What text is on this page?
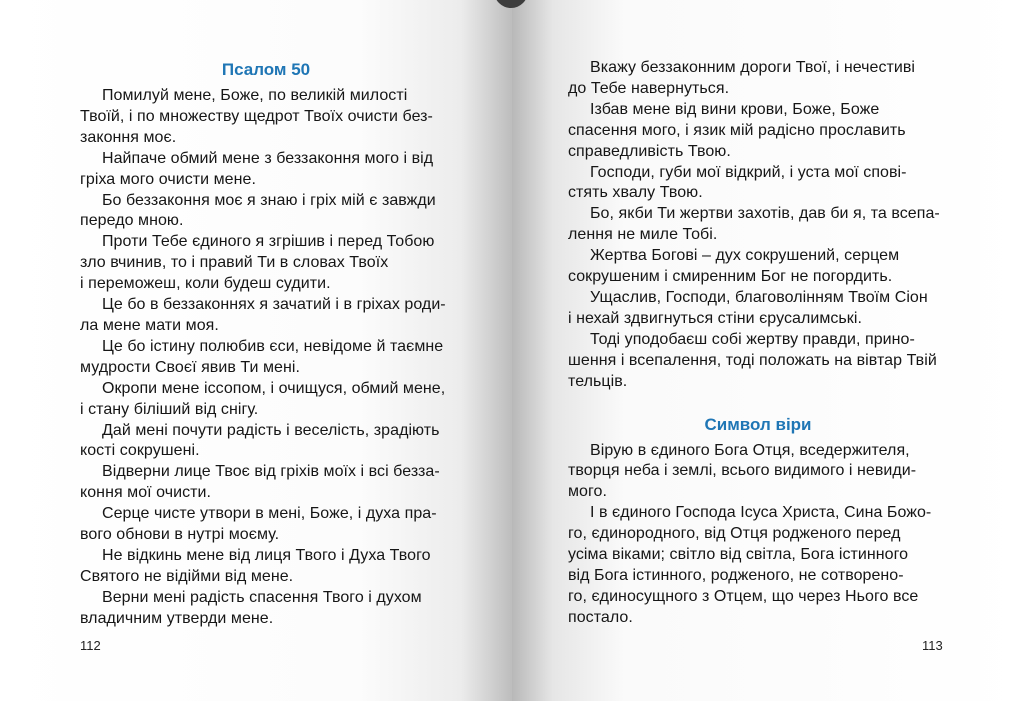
Псалом 50

Помилуй мене, Боже, по великій милості
Твоїй, і по множеству щедрот Твоїх очисти без-
законня моє.

Найпаче обмий мене з беззаконня мого і від
гріха мого очисти мене.

Бо беззаконня моє я знаю і гріх мій є завжди
передо мною.

Проти Тебе єдиного я згрішив і перед Тобою
зло вчинив, то і правий Ти в словах Твоїх
і переможеш, коли будеш судити.

Це бо в беззаконнях я зачатий і в гріхах роди-
ла мене мати моя.

Це бо істину полюбив єси, невідоме й таємне
мудрости Своєї явив Ти мені.

Окропи мене іссопом, і очищуся, обмий мене,
і стану біліший від снігу.

Дай мені почути радість і веселість, зрадіють
кості сокрушені.

Відверни лице Твоє від гріхів моїх і всі безза-
коння мої очисти.

Серце чисте утвори в мені, Боже, і духа пра-
вого обнови в нутрі моєму.

Не відкинь мене від лиця Твого і Духа Твого
Святого не відійми від мене.

Верни мені радість спасення Твого і духом
владичним утверди мене.

112

Вкажу беззаконним дороги Твої, і нечестиві
до Тебе навернуться.

Ізбав мене від вини крови, Боже, Боже
спасення мого, і язик мій радісно прославить
справедливість Твою.

Господи, губи мої відкрий, і уста мої спові-
стять хвалу Твою.

Бо, якби Ти жертви захотів, дав би я, та всепа-
лення не миле Тобі.

Жертва Богові – дух сокрушений, серцем
сокрушеним і смиренним Бог не погордить.

Ущаслив, Господи, благоволінням Твоїм Сіон
і нехай здвигнуться стіни єрусалимські.

Тоді уподобаєш собі жертву правди, прино-
шення і всепалення, тоді положать на вівтар Твій
тельців.

Символ віри

Вірую в єдиного Бога Отця, вседержителя,
творця неба і землі, всього видимого і невиди-
мого.

І в єдиного Господа Ісуса Христа, Сина Божо-
го, єдинородного, від Отця родженого перед
усіма віками; світло від світла, Бога істинного
від Бога істинного, родженого, не сотворено-
го, єдиносущного з Отцем, що через Нього все
постало.

113
